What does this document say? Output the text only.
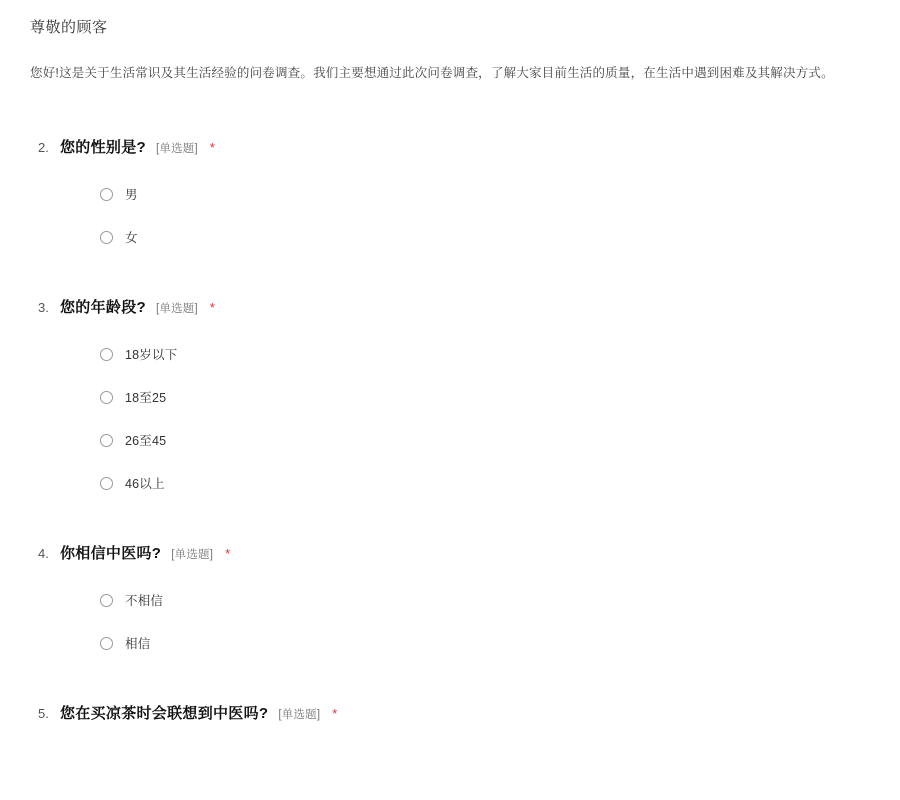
尊敬的顾客

您好!这是关于生活常识及其生活经验的问卷调查。我们主要想通过此次问卷调查，了解大家目前生活的质量，在生活中遇到困难及其解决方式。

2. 您的性别是? [单选题] *
男
女
3. 您的年龄段? [单选题] *
18岁以下
18至25
26至45
46以上
4. 你相信中医吗? [单选题] *
不相信
相信
5. 您在买凉茶时会联想到中医吗? [单选题] *
